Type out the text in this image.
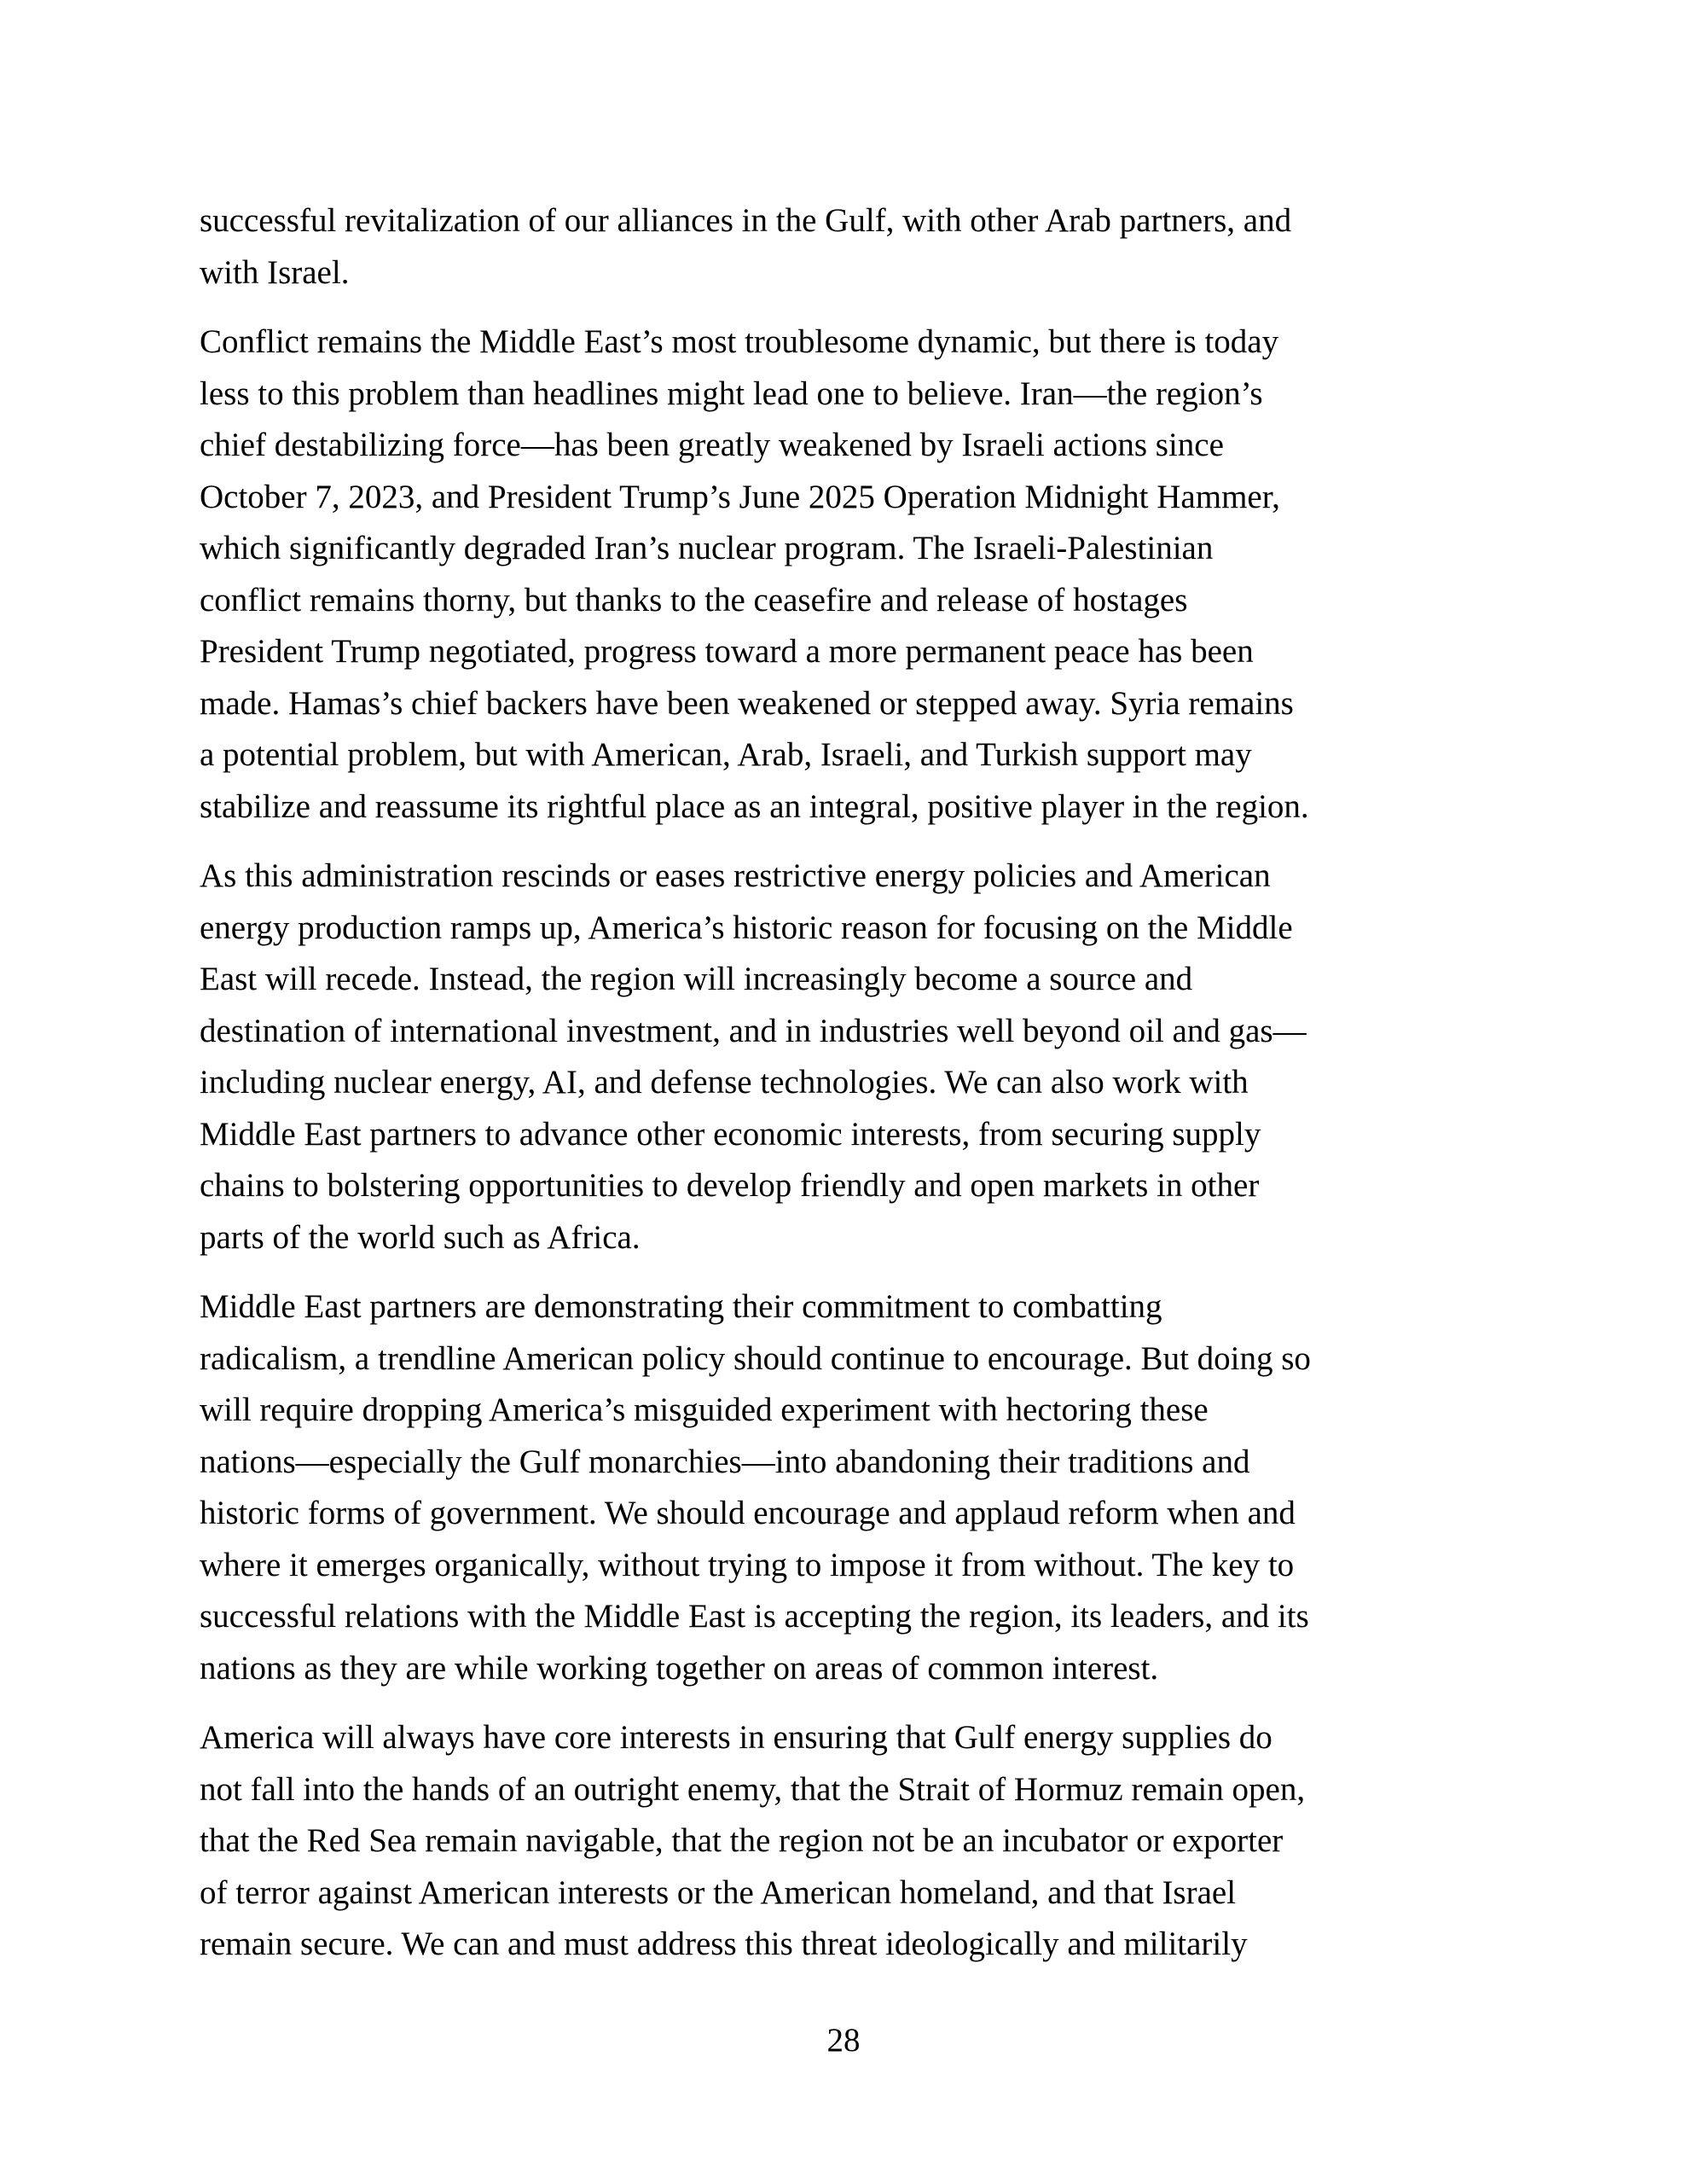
successful revitalization of our alliances in the Gulf, with other Arab partners, and
with Israel.

Conflict remains the Middle East’s most troublesome dynamic, but there is today
less to this problem than headlines might lead one to believe. Iran—the region’s
chief destabilizing force—has been greatly weakened by Israeli actions since
October 7, 2023, and President Trump’s June 2025 Operation Midnight Hammer,
which significantly degraded Iran’s nuclear program. The Israeli-Palestinian
conflict remains thorny, but thanks to the ceasefire and release of hostages
President Trump negotiated, progress toward a more permanent peace has been
made. Hamas’s chief backers have been weakened or stepped away. Syria remains
a potential problem, but with American, Arab, Israeli, and Turkish support may
stabilize and reassume its rightful place as an integral, positive player in the region.

As this administration rescinds or eases restrictive energy policies and American
energy production ramps up, America’s historic reason for focusing on the Middle
East will recede. Instead, the region will increasingly become a source and
destination of international investment, and in industries well beyond oil and gas—
including nuclear energy, AI, and defense technologies. We can also work with
Middle East partners to advance other economic interests, from securing supply
chains to bolstering opportunities to develop friendly and open markets in other
parts of the world such as Africa.

Middle East partners are demonstrating their commitment to combatting
radicalism, a trendline American policy should continue to encourage. But doing so
will require dropping America’s misguided experiment with hectoring these
nations—especially the Gulf monarchies—into abandoning their traditions and
historic forms of government. We should encourage and applaud reform when and
where it emerges organically, without trying to impose it from without. The key to
successful relations with the Middle East is accepting the region, its leaders, and its
nations as they are while working together on areas of common interest.

America will always have core interests in ensuring that Gulf energy supplies do
not fall into the hands of an outright enemy, that the Strait of Hormuz remain open,
that the Red Sea remain navigable, that the region not be an incubator or exporter
of terror against American interests or the American homeland, and that Israel
remain secure. We can and must address this threat ideologically and militarily

28
